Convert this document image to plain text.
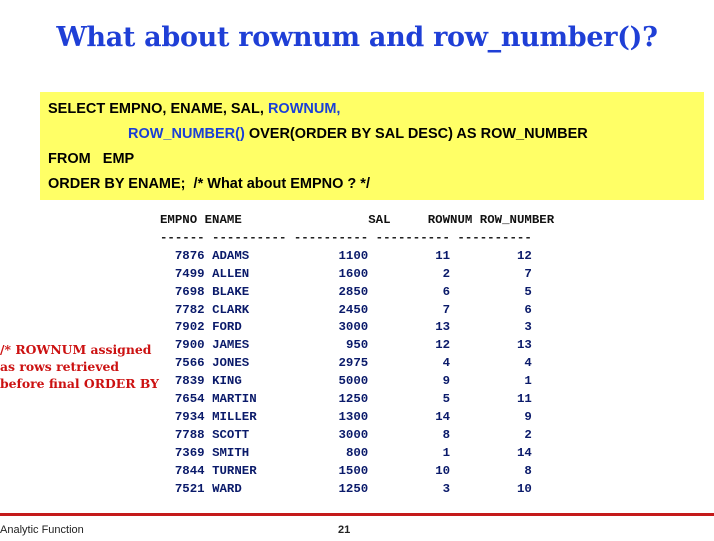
What about rownum and row_number()?
SELECT EMPNO, ENAME, SAL, ROWNUM,
ROW_NUMBER() OVER(ORDER BY SAL DESC) AS ROW_NUMBER
FROM   EMP
ORDER BY ENAME;  /* What about EMPNO ? */
EMPNO ENAME	SAL	ROWNUM ROW_NUMBER
------ ---------- ---------- ---------- ----------
7876 ADAMS	1100	11	12
7499 ALLEN	1600	2	7
7698 BLAKE	2850	6	5
7782 CLARK	2450	7	6
7902 FORD	3000	13	3
7900 JAMES	950	12	13
7566 JONES	2975	4	4
7839 KING	5000	9	1
7654 MARTIN	1250	5	11
7934 MILLER	1300	14	9
7788 SCOTT	3000	8	2
7369 SMITH	800	1	14
7844 TURNER	1500	10	8
7521 WARD	1250	3	10
/* ROWNUM assigned
as rows retrieved
before final ORDER BY
Analytic Function	21
